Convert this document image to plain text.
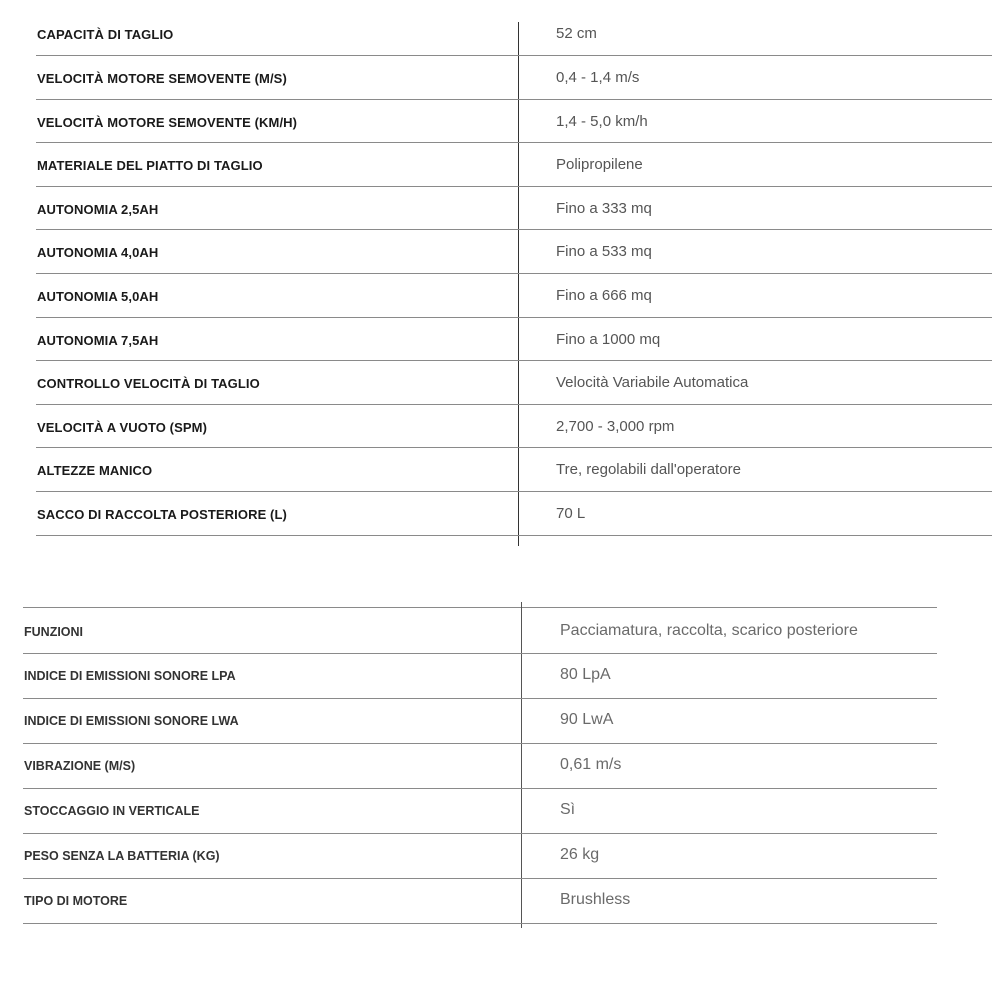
CAPACITÀ DI TAGLIO	52 cm
VELOCITÀ MOTORE SEMOVENTE (M/S)	0,4 - 1,4 m/s
VELOCITÀ MOTORE SEMOVENTE (KM/H)	1,4 - 5,0 km/h
MATERIALE DEL PIATTO DI TAGLIO	Polipropilene
AUTONOMIA 2,5AH	Fino a 333 mq
AUTONOMIA 4,0AH	Fino a 533 mq
AUTONOMIA 5,0AH	Fino a 666 mq
AUTONOMIA 7,5AH	Fino a 1000 mq
CONTROLLO VELOCITÀ DI TAGLIO	Velocità Variabile Automatica
VELOCITÀ A VUOTO (SPM)	2,700 - 3,000 rpm
ALTEZZE MANICO	Tre, regolabili dall'operatore
SACCO DI RACCOLTA POSTERIORE (L)	70 L
FUNZIONI	Pacciamatura, raccolta, scarico posteriore
INDICE DI EMISSIONI SONORE LPA	80 LpA
INDICE DI EMISSIONI SONORE LWA	90 LwA
VIBRAZIONE (M/S)	0,61 m/s
STOCCAGGIO IN VERTICALE	Sì
PESO SENZA LA BATTERIA (KG)	26 kg
TIPO DI MOTORE	Brushless
